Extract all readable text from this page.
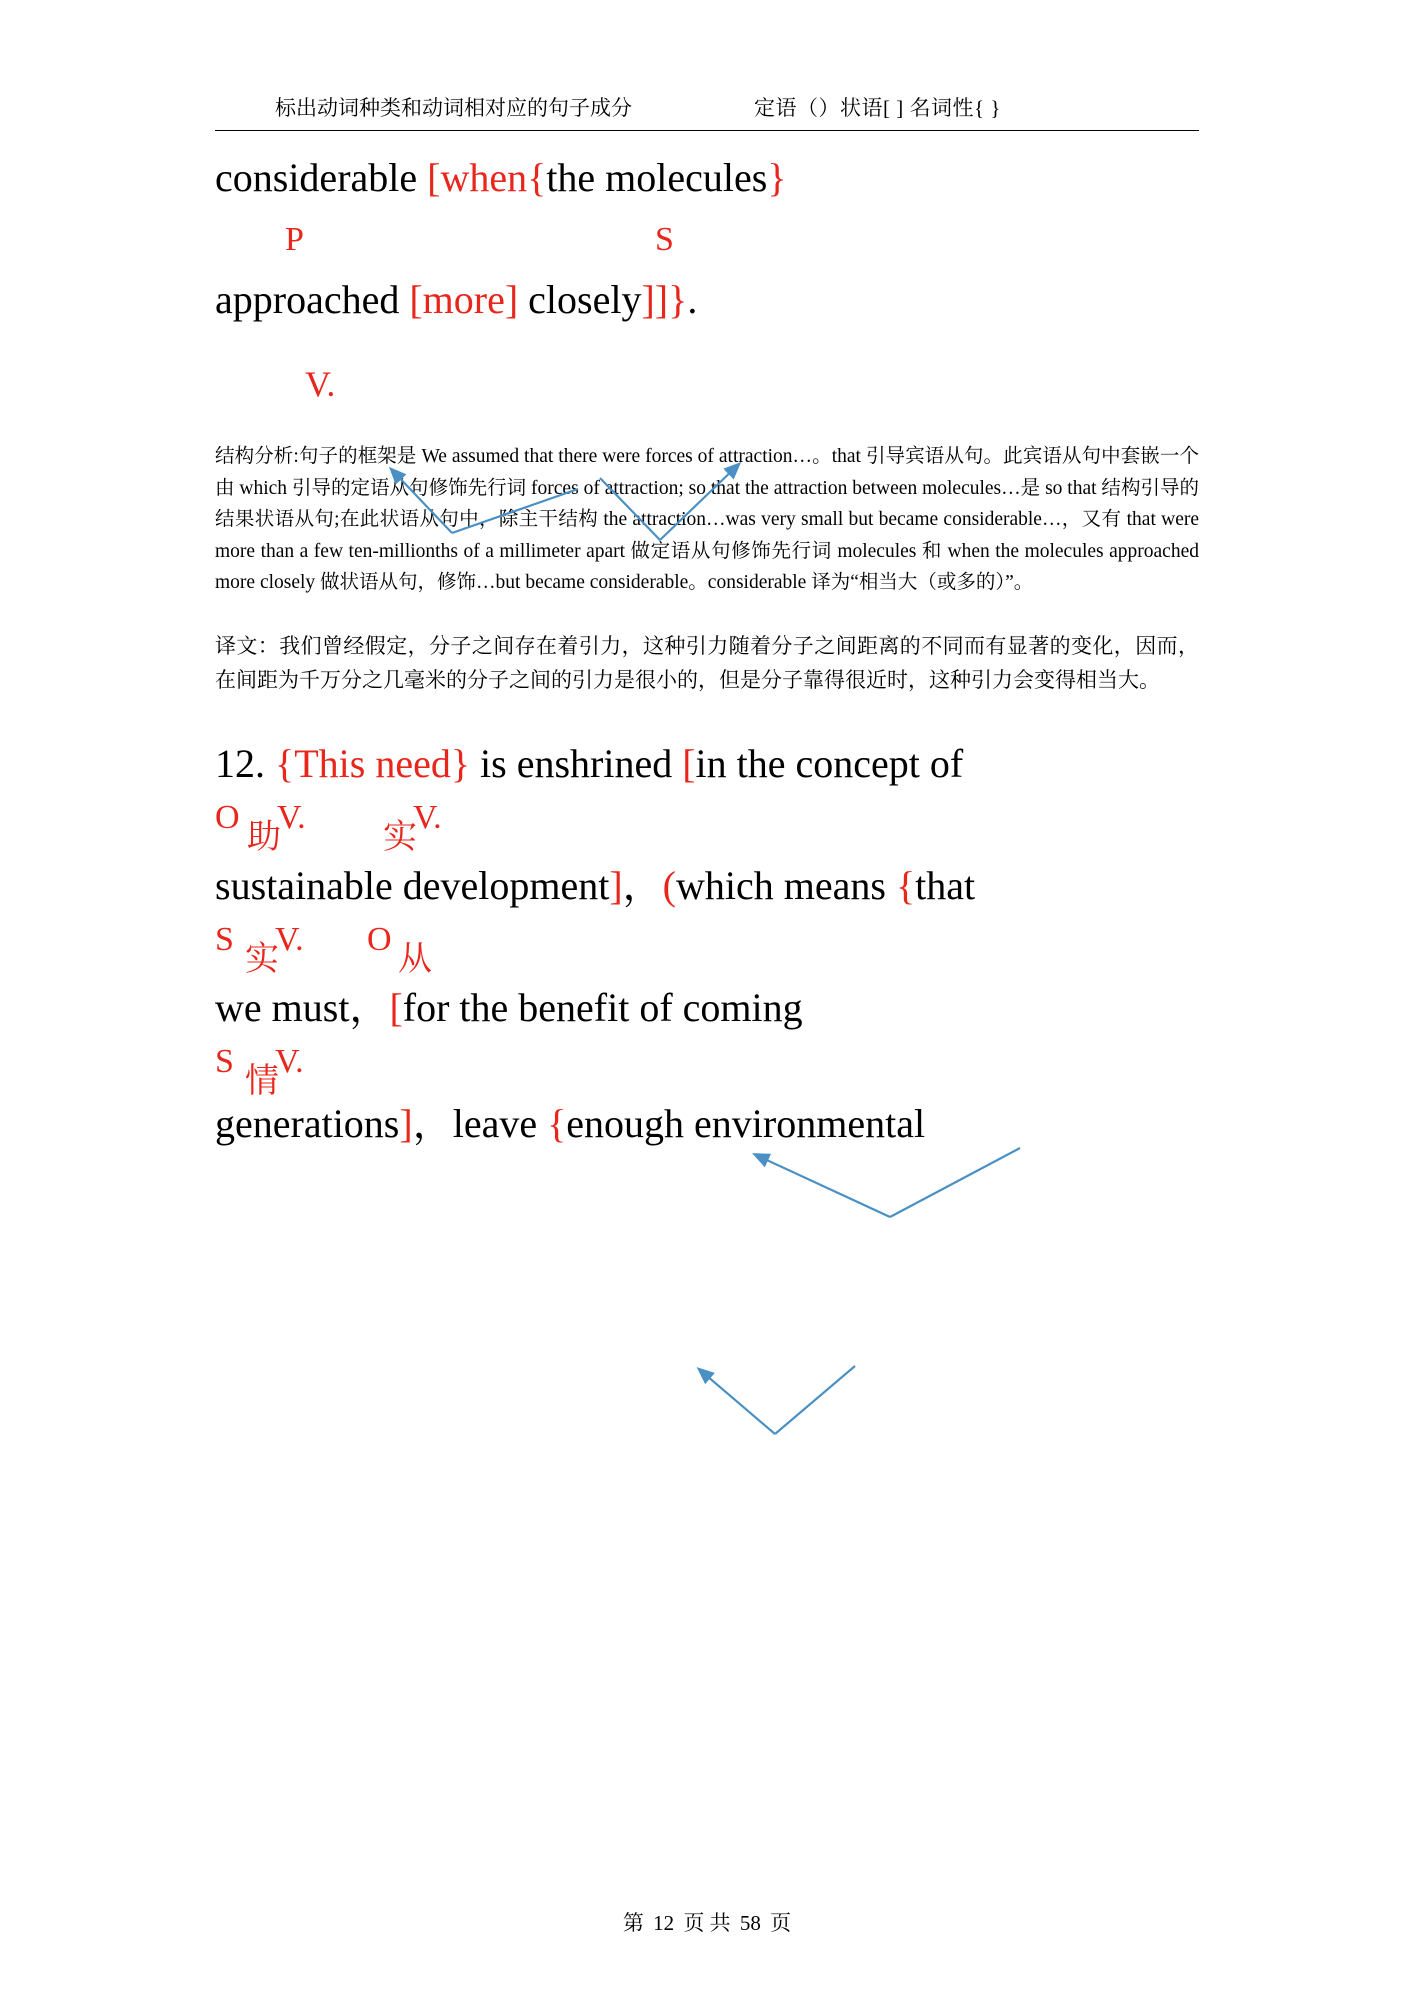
标出动词种类和动词相对应的句子成分	定语（）状语[ ] 名词性{ }
considerable [when{the molecules}
P	S
approached [more] closely]]}.
V.
结构分析:句子的框架是 We assumed that there were forces of attraction…。that 引导宾语从句。此宾语从句中套嵌一个由 which 引导的定语从句修饰先行词 forces of attraction; so that the attraction between molecules…是 so that 结构引导的结果状语从句;在此状语从句中，除主干结构 the attraction…was very small but became considerable…，又有 that were more than a few ten-millionths of a millimeter apart 做定语从句修饰先行词 molecules 和 when the molecules approached more closely 做状语从句，修饰…but became considerable。considerable 译为“相当大（或多的）”。
译文：我们曾经假定，分子之间存在着引力，这种引力随着分子之间距离的不同而有显著的变化，因而，在间距为千万分之几毫米的分子之间的引力是很小的，但是分子靠得很近时，这种引力会变得相当大。
12. {This need} is enshrined [in the concept of
O
助
V.
实
V.
sustainable development]，(which means {that
S
实
V. O
从
we must，[for the benefit of coming
S
情
V.
generations]，leave {enough environmental
第 12 页 共 58 页
